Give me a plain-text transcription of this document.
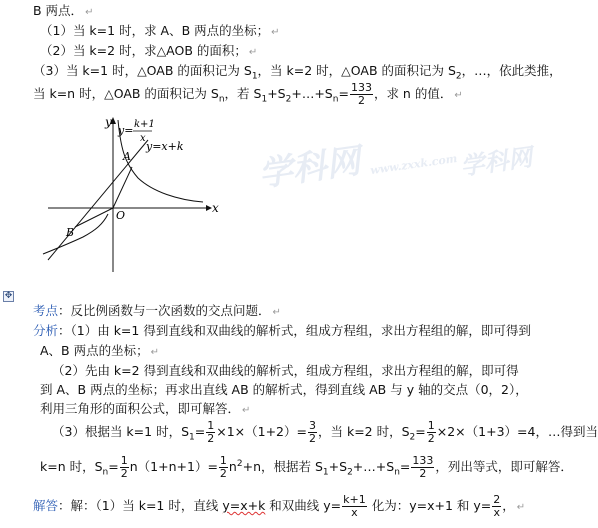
学科网 www.zxxk.com 学科网
B 两点． ↵
（1）当 k=1 时，求 A、B 两点的坐标； ↵
（2）当 k=2 时，求△AOB 的面积； ↵
（3）当 k=1 时，△OAB 的面积记为 $S_1$，当 k=2 时，△OAB 的面积记为 $S_2$，…，依此类推，
当 k=n 时，△OAB 的面积记为 $S_n$，若 $S_1+S_2+\dots+S_n= \frac{133}{2}$ ，求 n 的值． ↵
y
x
O
A
B
y= k+1
x
y=x+k
✥
考点：反比例函数与一次函数的交点问题． ↵
分析：（1）由 k=1 得到直线和双曲线的解析式，组成方程组，求出方程组的解，即可得到
A、B 两点的坐标； ↵
（2）先由 k=2 得到直线和双曲线的解析式，组成方程组，求出方程组的解，即可得
到 A、B 两点的坐标；再求出直线 AB 的解析式，得到直线 AB 与 y 轴的交点（0，2），
利用三角形的面积公式，即可解答． ↵
（3）根据当 k=1 时，$S_1= \frac{1}{2} \times 1\times(1+2)= \frac{3}{2}$ ，当 k=2 时，$S_2= \frac{1}{2} \times 2\times(1+3)=4$，…得到当
k=n 时，$S_n= \frac{1}{2} n(1+n+1)= \frac{1}{2} n^2+n$，根据若 $S_1+S_2+\dots+S_n= \frac{133}{2}$ ，列出等式，即可解答．
解答：解：（1）当 k=1 时，直线 y=x+k 和双曲线 $y= \frac{k+1}{x}$ 化为：y=x+1 和 $y= \frac{2}{x}$ ， ↵
